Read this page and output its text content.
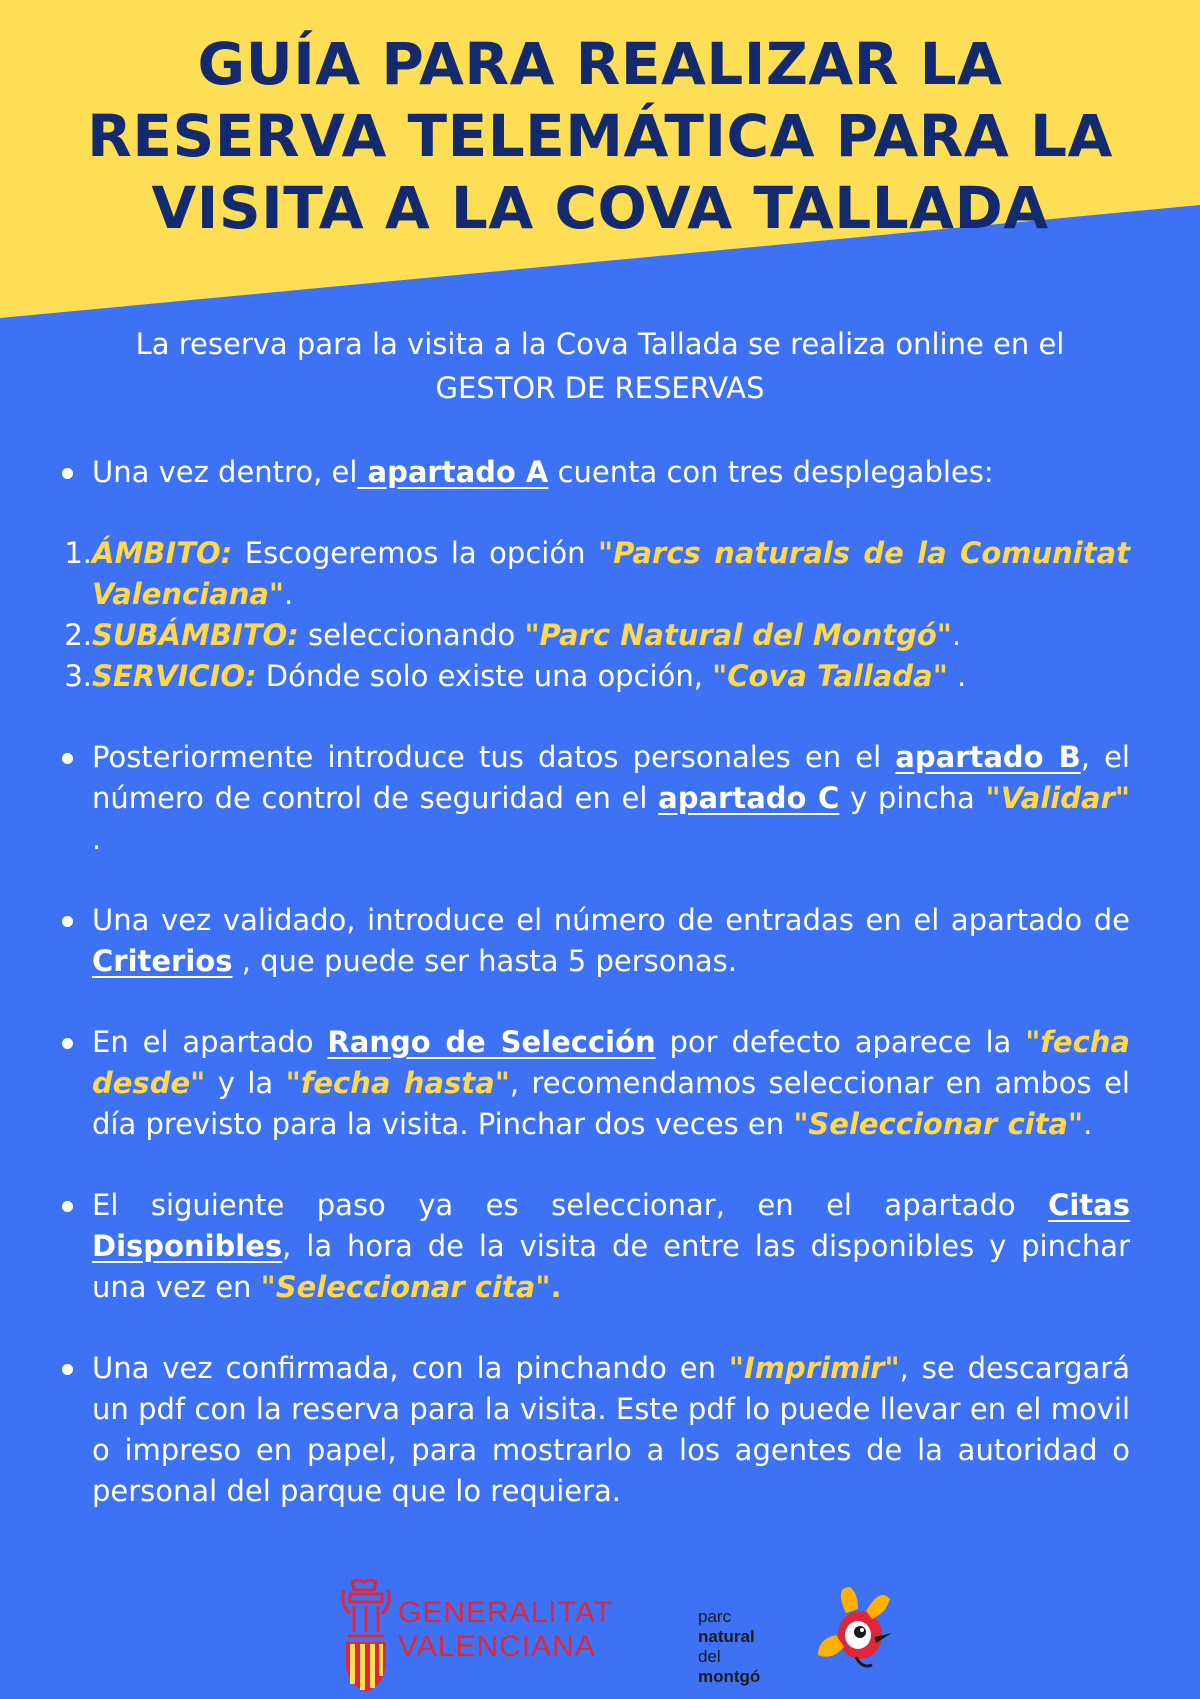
GUÍA PARA REALIZAR LA
RESERVA TELEMÁTICA PARA LA
VISITA A LA COVA TALLADA

La reserva para la visita a la Cova Tallada se realiza online en el
GESTOR DE RESERVAS

Una vez dentro, el apartado A cuenta con tres desplegables:

1. ÁMBITO: Escogeremos la opción "Parcs naturals de la Comunitat Valenciana".

2. SUBÁMBITO: seleccionando "Parc Natural del Montgó".

3. SERVICIO: Dónde solo existe una opción, "Cova Tallada" .

Posteriormente introduce tus datos personales en el apartado B, el número de control de seguridad en el apartado C y pincha "Validar" .

Una vez validado, introduce el número de entradas en el apartado de Criterios , que puede ser hasta 5 personas.

En el apartado Rango de Selección por defecto aparece la "fecha desde" y la "fecha hasta", recomendamos seleccionar en ambos el día previsto para la visita. Pinchar dos veces en "Seleccionar cita".

El siguiente paso ya es seleccionar, en el apartado Citas Disponibles, la hora de la visita de entre las disponibles y pinchar una vez en "Seleccionar cita".

Una vez confirmada, con la pinchando en "Imprimir", se descargará un pdf con la reserva para la visita. Este pdf lo puede llevar en el movil o impreso en papel, para mostrarlo a los agentes de la autoridad o personal del parque que lo requiera.

GENERALITAT
VALENCIANA
parc
natural
del
montgó
